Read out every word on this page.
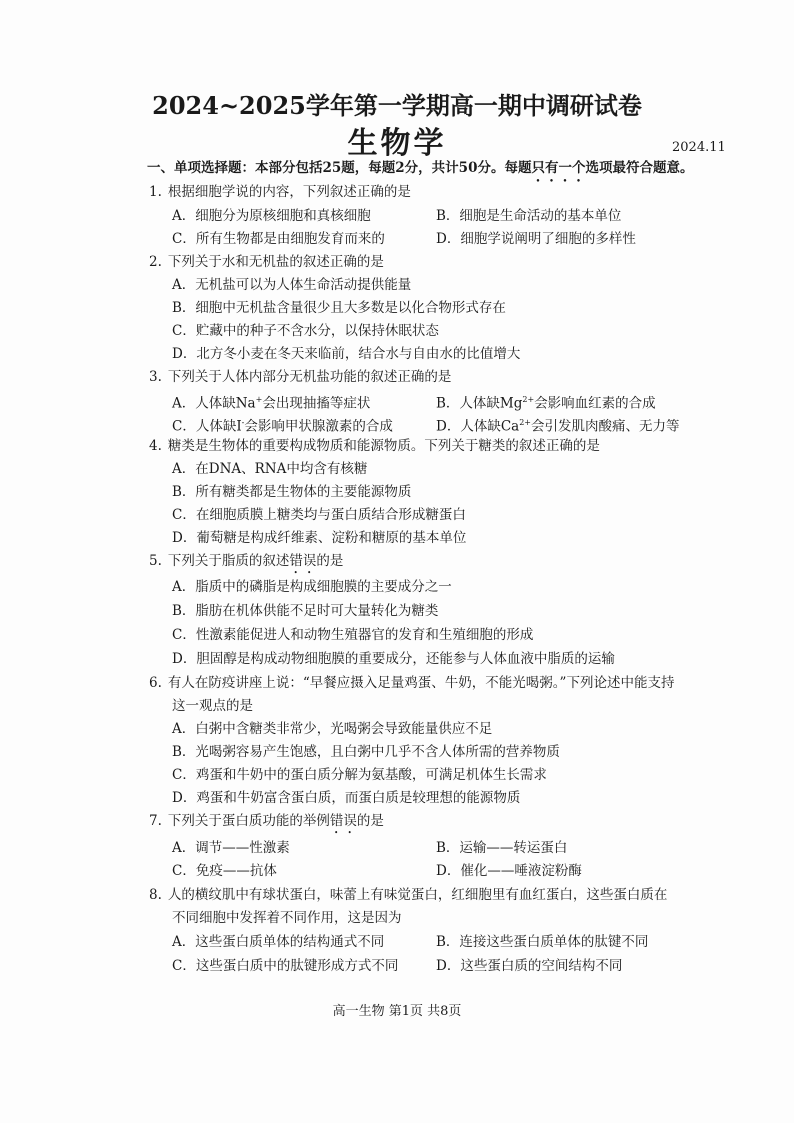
2024~2025学年第一学期高一期中调研试卷
生物学	2024.11
一、单项选择题：本部分包括25题，每题2分，共计50分。每题只有一个选项最符合题意。
1. 根据细胞学说的内容，下列叙述正确的是
A．细胞分为原核细胞和真核细胞	B．细胞是生命活动的基本单位
C．所有生物都是由细胞发育而来的	D．细胞学说阐明了细胞的多样性
2. 下列关于水和无机盐的叙述正确的是
A．无机盐可以为人体生命活动提供能量
B．细胞中无机盐含量很少且大多数是以化合物形式存在
C．贮藏中的种子不含水分，以保持休眠状态
D．北方冬小麦在冬天来临前，结合水与自由水的比值增大
3. 下列关于人体内部分无机盐功能的叙述正确的是
A．人体缺Na+会出现抽搐等症状	B．人体缺$Mg^{2+}$会影响血红素的合成
C．人体缺I-会影响甲状腺激素的合成	D．人体缺$Ca^{2+}$会引发肌肉酸痛、无力等
4. 糖类是生物体的重要构成物质和能源物质。下列关于糖类的叙述正确的是
A．在DNA、RNA中均含有核糖
B．所有糖类都是生物体的主要能源物质
C．在细胞质膜上糖类均与蛋白质结合形成糖蛋白
D．葡萄糖是构成纤维素、淀粉和糖原的基本单位
5. 下列关于脂质的叙述错误的是
A．脂质中的磷脂是构成细胞膜的主要成分之一
B．脂肪在机体供能不足时可大量转化为糖类
C．性激素能促进人和动物生殖器官的发育和生殖细胞的形成
D．胆固醇是构成动物细胞膜的重要成分，还能参与人体血液中脂质的运输
6. 有人在防疫讲座上说：“早餐应摄入足量鸡蛋、牛奶，不能光喝粥。”下列论述中能支持
这一观点的是
A．白粥中含糖类非常少，光喝粥会导致能量供应不足
B．光喝粥容易产生饱感，且白粥中几乎不含人体所需的营养物质
C．鸡蛋和牛奶中的蛋白质分解为氨基酸，可满足机体生长需求
D．鸡蛋和牛奶富含蛋白质，而蛋白质是较理想的能源物质
7. 下列关于蛋白质功能的举例错误的是
A．调节——性激素	B．运输——转运蛋白
C．免疫——抗体	D．催化——唾液淀粉酶
8. 人的横纹肌中有球状蛋白，味蕾上有味觉蛋白，红细胞里有血红蛋白，这些蛋白质在
不同细胞中发挥着不同作用，这是因为
A．这些蛋白质单体的结构通式不同	B．连接这些蛋白质单体的肽键不同
C．这些蛋白质中的肽键形成方式不同	D．这些蛋白质的空间结构不同
高一生物 第1页 共8页
